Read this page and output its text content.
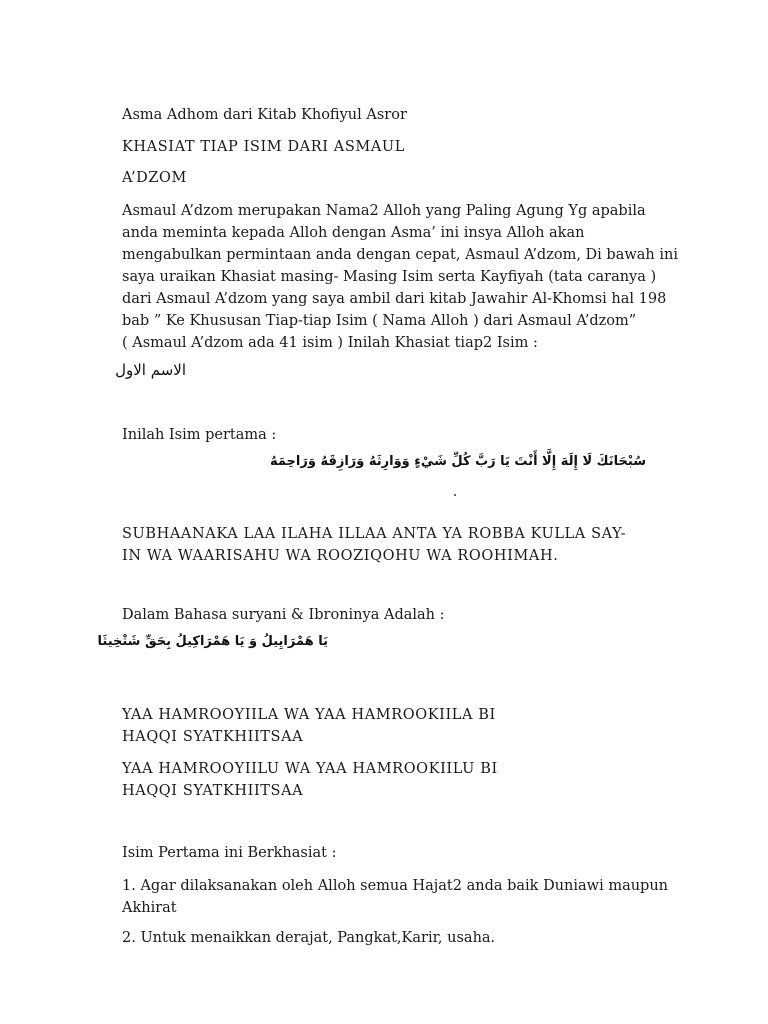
Asma Adhom dari Kitab Khofiyul Asror

KHASIAT TIAP ISIM DARI ASMAUL

A’DZOM

Asmaul A’dzom merupakan Nama2 Alloh yang Paling Agung Yg apabila
anda meminta kepada Alloh dengan Asma’ ini insya Alloh akan
mengabulkan permintaan anda dengan cepat, Asmaul A’dzom, Di bawah ini
saya uraikan Khasiat masing- Masing Isim serta Kayfiyah (tata caranya )
dari Asmaul A’dzom yang saya ambil dari kitab Jawahir Al-Khomsi hal 198
bab ” Ke Khususan Tiap-tiap Isim ( Nama Alloh ) dari Asmaul A’dzom”
( Asmaul A’dzom ada 41 isim ) Inilah Khasiat tiap2 Isim :
الاسم الاول

Inilah Isim pertama :

سُبْحَانَكَ لَا إِلَهَ إِلَّا أَنْتَ يَا رَبَّ كُلِّ شَيْءٍ وَوَارِثَهُ وَرَازِقَهُ وَرَاحِمَهُ
SUBHAANAKA LAA ILAHA ILLAA ANTA YA ROBBA KULLA SAY-
IN WA WAARISAHU WA ROOZIQOHU WA ROOHIMAH.

Dalam Bahasa suryani & Ibroninya Adalah :

يَا هَمْرَايِيلُ وَ يَا هَمْرَاكِيلُ بِحَقِّ شَتْخِيثَا
YAA HAMROOYIILA WA YAA HAMROOKIILA BI
HAQQI SYATKHIITSAA
YAA HAMROOYIILU WA YAA HAMROOKIILU BI
HAQQI SYATKHIITSAA

Isim Pertama ini Berkhasiat :

1. Agar dilaksanakan oleh Alloh semua Hajat2 anda baik Duniawi maupun
Akhirat

2. Untuk menaikkan derajat, Pangkat,Karir, usaha.
